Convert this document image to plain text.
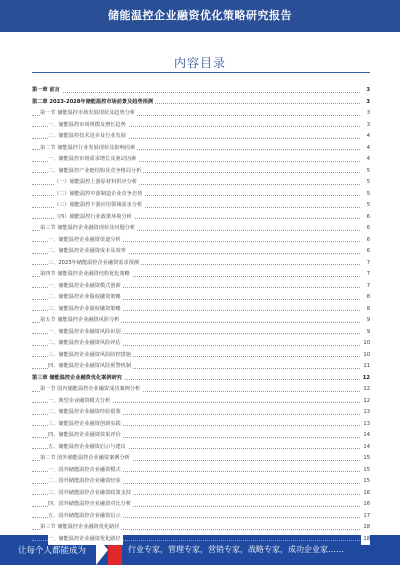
储能温控企业融资优化策略研究报告
内容目录
第一章 前言	3
第二章 2023-2028年储能温控市场前景及趋势预测	3
第一节 储能温控市场发展现状及趋势分析	3
一、储能温控市场规模及增长趋势	3
二、储能温控技术进步及行业发展	4
第二节 储能温控行业发展现状及影响因素	4
一、储能温控市场需求增长及驱动因素	4
二、储能温控产业链结构及竞争格局分析	5
（一）储能温控上游原材料供应分析	5
（二）储能温控中游制造企业竞争态势	5
（三）储能温控下游应用领域需求分析	5
（四）储能温控行业政策环境分析	6
第三节 储能温控企业融资现状及问题分析	6
一、储能温控企业融资渠道分析	6
二、储能温控企业融资成本及效率	6
三、2023年储能温控企业融资需求预测	7
第四节 储能温控企业融资结构优化策略	7
一、储能温控企业融资模式创新	7
二、储能温控企业股权融资策略	8
三、储能温控企业债权融资策略	8
第五节 储能温控企业融资风险分析	9
一、储能温控企业融资风险识别	9
二、储能温控企业融资风险评估	10
三、储能温控企业融资风险防控措施	10
四、储能温控企业融资风险预警机制	11
第三章 储能温控企业融资优化案例研究	12
第一节 国内储能温控企业融资成功案例分析	12
一、典型企业融资模式分析	12
二、储能温控企业融资经验借鉴	13
三、储能温控企业融资创新实践	13
四、储能温控企业融资效果评价	14
五、储能温控企业融资启示与建议	14
第二节 国外储能温控企业融资案例分析	15
一、国外储能温控企业融资模式	15
二、国外储能温控企业融资经验	15
三、国外储能温控企业融资政策支持	16
四、国外储能温控企业融资对比分析	16
五、国外储能温控企业融资启示	17
第三节 储能温控企业融资优化路径	18
一、储能温控企业融资优化路径	18
让每个人都能成为	行业专家，管理专家，营销专家，战略专家，成功企业家……
